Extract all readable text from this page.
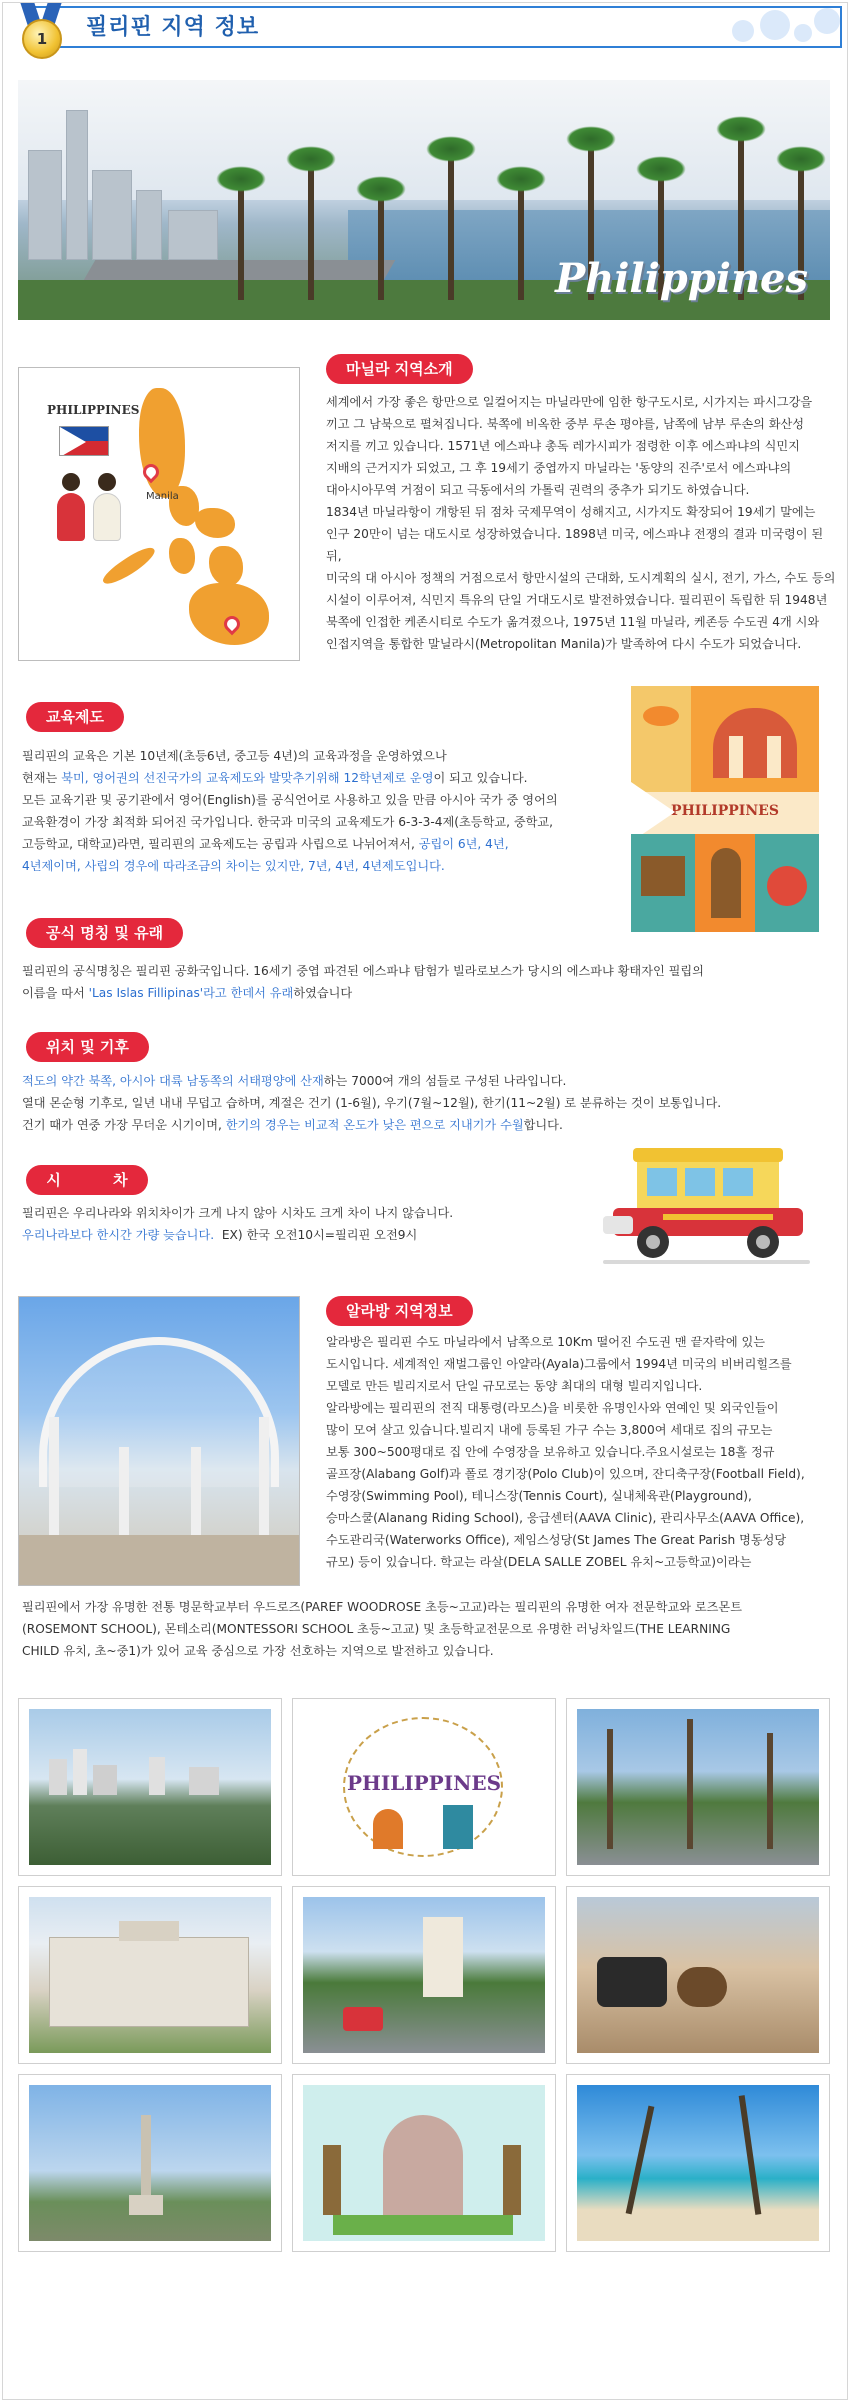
1	필리핀 지역 정보
Philippines
PHILIPPINES
Manila
마닐라 지역소개
세계에서 가장 좋은 항만으로 일컬어지는 마닐라만에 임한 항구도시로, 시가지는 파시그강을
끼고 그 남북으로 펼쳐집니다. 북쪽에 비옥한 중부 루손 평야를, 남쪽에 남부 루손의 화산성
저지를 끼고 있습니다. 1571년 에스파냐 총독 레가시피가 점령한 이후 에스파냐의 식민지
지배의 근거지가 되었고, 그 후 19세기 중엽까지 마닐라는 '동양의 진주'로서 에스파냐의
대아시아무역 거점이 되고 극동에서의 가톨릭 권력의 중추가 되기도 하였습니다.
1834년 마닐라항이 개항된 뒤 점차 국제무역이 성해지고, 시가지도 확장되어 19세기 말에는
인구 20만이 넘는 대도시로 성장하였습니다. 1898년 미국, 에스파냐 전쟁의 결과 미국령이 된 뒤,
미국의 대 아시아 정책의 거점으로서 항만시설의 근대화, 도시계획의 실시, 전기, 가스, 수도 등의
시설이 이루어져, 식민지 특유의 단일 거대도시로 발전하였습니다. 필리핀이 독립한 뒤 1948년
북쪽에 인접한 케존시티로 수도가 옮겨졌으나, 1975년 11월 마닐라, 케존등 수도권 4개 시와
인접지역을 통합한 말닐라시(Metropolitan Manila)가 발족하여 다시 수도가 되었습니다.
교육제도
필리핀의 교육은 기본 10년제(초등6년, 중고등 4년)의 교육과정을 운영하였으나
현재는 북미, 영어권의 선진국가의 교육제도와 발맞추기위해 12학년제로 운영이 되고 있습니다.
모든 교육기관 및 공기관에서 영어(English)를 공식언어로 사용하고 있을 만큼 아시아 국가 중 영어의
교육환경이 가장 최적화 되어진 국가입니다. 한국과 미국의 교육제도가 6-3-3-4제(초등학교, 중학교,
고등학교, 대학교)라면, 필리핀의 교육제도는 공립과 사립으로 나뉘어져서, 공립이 6년, 4년,
4년제이며, 사립의 경우에 따라조금의 차이는 있지만, 7년, 4년, 4년제도입니다.
PHILIPPINES
공식 명칭 및 유래
필리핀의 공식명칭은 필리핀 공화국입니다. 16세기 중엽 파견된 에스파냐 탐험가 빌라로보스가 당시의 에스파냐 황태자인 필립의
이름을 따서 'Las Islas Fillipinas'라고 한데서 유래하였습니다
위치 및 기후
적도의 약간 북쪽, 아시아 대륙 남동쪽의 서태평양에 산재하는 7000여 개의 섬들로 구성된 나라입니다.
열대 몬순형 기후로, 일년 내내 무덥고 습하며, 계절은 건기 (1-6월), 우기(7월~12월), 한기(11~2월) 로 분류하는 것이 보통입니다.
건기 때가 연중 가장 무더운 시기이며, 한기의 경우는 비교적 온도가 낮은 편으로 지내기가 수월합니다.
시          차
필리핀은 우리나라와 위치차이가 크게 나지 않아 시차도 크게 차이 나지 않습니다.
우리나라보다 한시간 가량 늦습니다.  EX) 한국 오전10시=필리핀 오전9시
알라방 지역정보
알라방은 필리핀 수도 마닐라에서 남쪽으로 10Km 떨어진 수도권 맨 끝자락에 있는
도시입니다. 세계적인 재벌그룹인 아얄라(Ayala)그룹에서 1994년 미국의 비버리힐즈를
모델로 만든 빌리지로서 단일 규모로는 동양 최대의 대형 빌리지입니다.
알라방에는 필리핀의 전직 대통령(라모스)을 비롯한 유명인사와 연예인 및 외국인들이
많이 모여 살고 있습니다.빌리지 내에 등록된 가구 수는 3,800여 세대로 집의 규모는
보통 300~500평대로 집 안에 수영장을 보유하고 있습니다.주요시설로는 18홀 정규
골프장(Alabang Golf)과 폴로 경기장(Polo Club)이 있으며, 잔디축구장(Football Field),
수영장(Swimming Pool), 테니스장(Tennis Court), 실내체육관(Playground),
승마스쿨(Alanang Riding School), 응급센터(AAVA Clinic), 관리사무소(AAVA Office),
수도관리국(Waterworks Office), 제임스성당(St James The Great Parish 명동성당
규모) 등이 있습니다. 학교는 라살(DELA SALLE ZOBEL 유치~고등학교)이라는
필리핀에서 가장 유명한 전통 명문학교부터 우드로즈(PAREF WOODROSE 초등~고교)라는 필리핀의 유명한 여자 전문학교와 로즈몬트
(ROSEMONT SCHOOL), 몬테소리(MONTESSORI SCHOOL 초등~고교) 및 초등학교전문으로 유명한 러닝차일드(THE LEARNING
CHILD 유치, 초~중1)가 있어 교육 중심으로 가장 선호하는 지역으로 발전하고 있습니다.
PHILIPPINES
